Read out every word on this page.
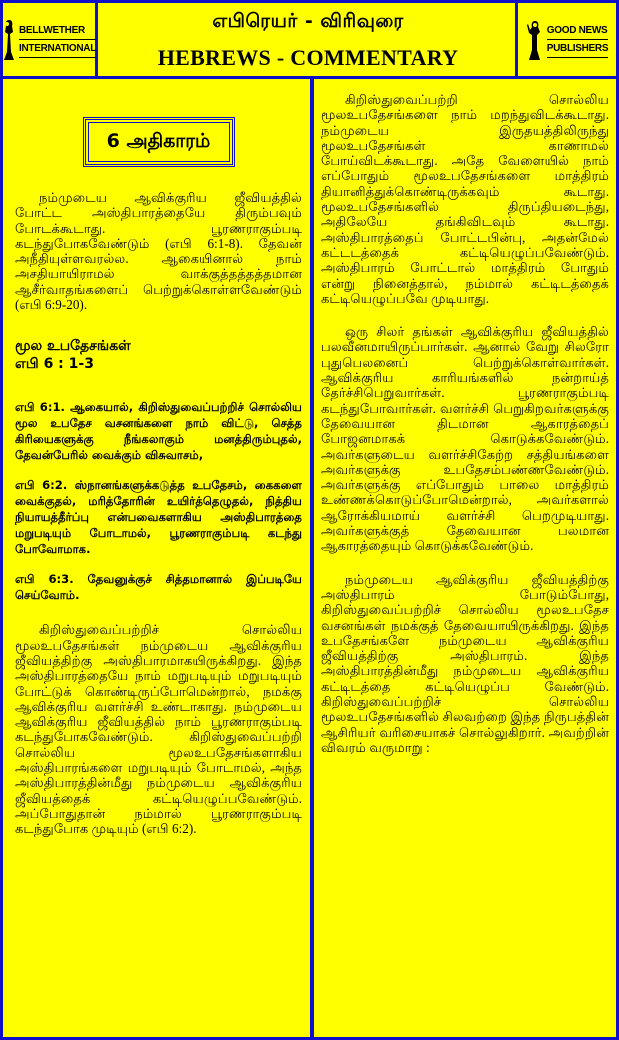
BELLWETHER
INTERNATIONAL
எபிரெயர் - விரிவுரை
HEBREWS - COMMENTARY
GOOD NEWS
PUBLISHERS
6 அதிகாரம்

நம்முடைய ஆவிக்குரிய ஜீவியத்தில் போட்ட அஸ்திபாரத்தையே திரும்பவும் போடக்கூடாது. பூரணராகும்படி கடந்துபோகவேண்டும் (எபி 6:1-8). தேவன் அநீதியுள்ளவரல்ல. ஆகையினால் நாம் அசதியாயிராமல் வாக்குத்தத்தத்தமான ஆசீர்வாதங்களைப் பெற்றுக்கொள்ளவேண்டும் (எபி 6:9-20).

மூல உபதேசங்கள்
எபி 6 : 1-3

எபி 6:1. ஆகையால், கிறிஸ்துவைப்பற்றிச் சொல்லிய மூல உபதேச வசனங்களை நாம் விட்டு, செத்த கிரியைகளுக்கு நீங்கலாகும் மனத்திரும்புதல், தேவன்பேரில் வைக்கும் விசுவாசம்,

எபி 6:2. ஸ்நானங்களுக்கடுத்த உபதேசம், கைகளை வைக்குதல், மரித்தோரின் உயிர்த்தெழுதல், நித்திய நியாயத்தீர்ப்பு என்பவைகளாகிய அஸ்திபாரத்தை மறுபடியும் போடாமல், பூரணராகும்படி கடந்து போவோமாக.

எபி 6:3. தேவனுக்குச் சித்தமானால் இப்படியே செய்வோம்.

கிறிஸ்துவைப்பற்றிச் சொல்லிய மூலஉபதேசங்கள் நம்முடைய ஆவிக்குரிய ஜீவியத்திற்கு அஸ்திபாரமாகயிருக்கிறது. இந்த அஸ்திபாரத்தையே நாம் மறுபடியும் மறுபடியும் போட்டுக் கொண்டிருப்போமென்றால், நமக்கு ஆவிக்குரிய வளர்ச்சி உண்டாகாது. நம்முடைய ஆவிக்குரிய ஜீவியத்தில் நாம் பூரணராகும்படி கடந்துபோகவேண்டும். கிறிஸ்துவைப்பற்றி சொல்லிய மூலஉபதேசங்களாகிய அஸ்திபாரங்களை மறுபடியும் போடாமல், அந்த அஸ்திபாரத்தின்மீது நம்முடைய ஆவிக்குரிய ஜீவியத்தைக் கட்டியெழுப்பவேண்டும். அப்போதுதான் நம்மால் பூரணராகும்படி கடந்துபோக முடியும் (எபி 6:2).

கிறிஸ்துவைப்பற்றி சொல்லிய மூலஉபதேசங்களை நாம் மறந்துவிடக்கூடாது. நம்முடைய இருதயத்திலிருந்து மூலஉபதேசங்கள் காணாமல் போய்விடக்கூடாது. அதே வேளையில் நாம் எப்போதும் மூலஉபதேசங்களை மாத்திரம் தியானித்துக்கொண்டிருக்கவும் கூடாது. மூலஉபதேசங்களில் திருப்தியடைந்து, அதிலேயே தங்கிவிடவும் கூடாது. அஸ்திபாரத்தைப் போட்டபின்பு, அதன்மேல் கட்டடத்தைக் கட்டியெழுப்பவேண்டும். அஸ்திபாரம் போட்டால் மாத்திரம் போதும் என்று நினைத்தால், நம்மால் கட்டிடத்தைக் கட்டியெழுப்பவே முடியாது.

ஒரு சிலர் தங்கள் ஆவிக்குரிய ஜீவியத்தில் பலவீனமாயிருப்பார்கள். ஆனால் வேறு சிலரோ புதுபெலனைப் பெற்றுக்கொள்வார்கள். ஆவிக்குரிய காரியங்களில் நன்றாய்த் தேர்ச்சிபெறுவார்கள். பூரணராகும்படி கடந்துபோவார்கள். வளர்ச்சி பெறுகிறவர்களுக்கு தேவையான திடமான ஆகாரத்தைப் போஜனமாகக் கொடுக்கவேண்டும். அவர்களுடைய வளர்ச்சிகேற்ற சத்தியங்களை அவர்களுக்கு உபதேசம்பண்ணவேண்டும். அவர்களுக்கு எப்போதும் பாலை மாத்திரம் உண்ணக்கொடுப்போமென்றால், அவர்களால் ஆரோக்கியமாய் வளர்ச்சி பெறமுடியாது. அவர்களுக்குத் தேவையான பலமான ஆகாரத்தையும் கொடுக்கவேண்டும்.

நம்முடைய ஆவிக்குரிய ஜீவியத்திற்கு அஸ்திபாரம் போடும்போது, கிறிஸ்துவைப்பற்றிச் சொல்லிய மூலஉபதேச வசனங்கள் நமக்குத் தேவையாயிருக்கிறது. இந்த உபதேசங்களே நம்முடைய ஆவிக்குரிய ஜீவியத்திற்கு அஸ்திபாரம். இந்த அஸ்திபாரத்தின்மீது நம்முடைய ஆவிக்குரிய கட்டிடத்தை கட்டியெழுப்ப வேண்டும். கிறிஸ்துவைப்பற்றிச் சொல்லிய மூலஉபதேசங்களில் சிலவற்றை இந்த நிருபத்தின் ஆசிரியர் வரிசையாகச் சொல்லுகிறார். அவற்றின் விவரம் வருமாறு :
